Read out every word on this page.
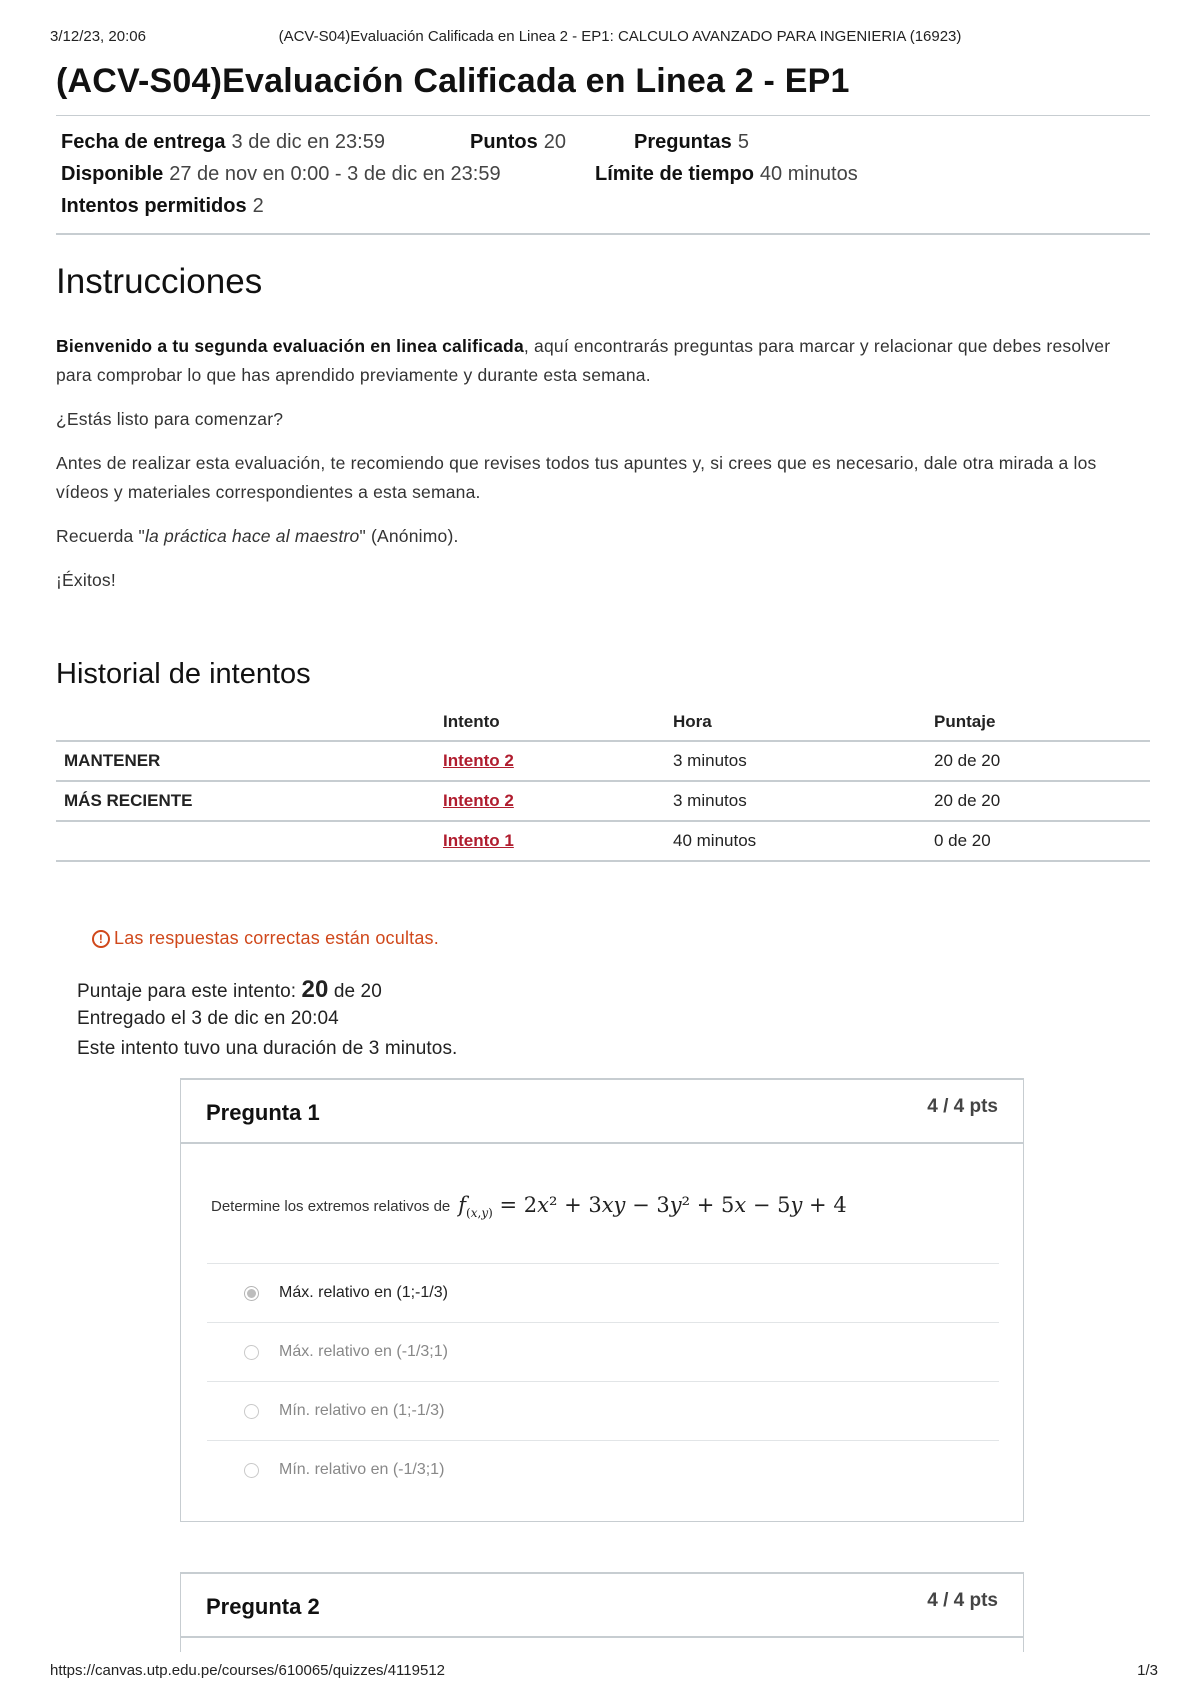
3/12/23, 20:06	(ACV-S04)Evaluación Calificada en Linea 2 - EP1: CALCULO AVANZADO PARA INGENIERIA (16923)
(ACV-S04)Evaluación Calificada en Linea 2 - EP1
Fecha de entrega 3 de dic en 23:59	Puntos 20	Preguntas 5
Disponible 27 de nov en 0:00 - 3 de dic en 23:59	Límite de tiempo 40 minutos
Intentos permitidos 2
Instrucciones
Bienvenido a tu segunda evaluación en linea calificada, aquí encontrarás preguntas para marcar y relacionar que debes resolver para comprobar lo que has aprendido previamente y durante esta semana.
¿Estás listo para comenzar?
Antes de realizar esta evaluación, te recomiendo que revises todos tus apuntes y, si crees que es necesario, dale otra mirada a los vídeos y materiales correspondientes a esta semana.
Recuerda "la práctica hace al maestro" (Anónimo).
¡Éxitos!
Historial de intentos
	Intento	Hora	Puntaje
MANTENER	Intento 2	3 minutos	20 de 20
MÁS RECIENTE	Intento 2	3 minutos	20 de 20
	Intento 1	40 minutos	0 de 20
! Las respuestas correctas están ocultas.
Puntaje para este intento: 20 de 20
Entregado el 3 de dic en 20:04
Este intento tuvo una duración de 3 minutos.
Pregunta 1	4 / 4 pts
Determine los extremos relativos de $f_{(x,y)} = 2x^2 + 3xy - 3y^2 + 5x - 5y + 4$
Máx. relativo en (1;-1/3)
Máx. relativo en (-1/3;1)
Mín. relativo en (1;-1/3)
Mín. relativo en (-1/3;1)
Pregunta 2	4 / 4 pts
https://canvas.utp.edu.pe/courses/610065/quizzes/4119512	1/3
